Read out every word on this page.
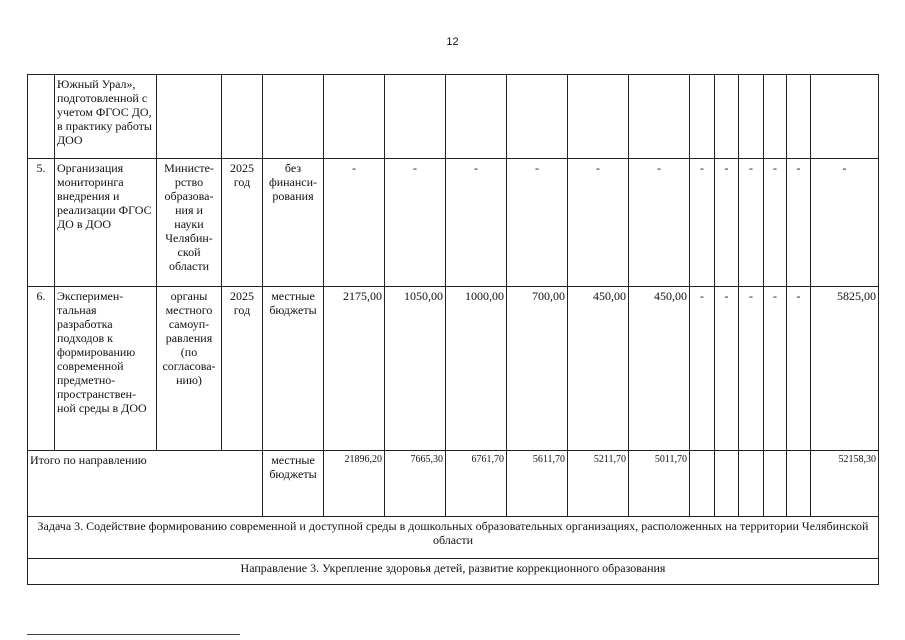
12
	Южный Урал», подготовленной с учетом ФГОС ДО, в практику работы ДОО															
5.	Организация мониторинга внедрения и реализации ФГОС ДО в ДОО	Министе-рство образова-ния и науки Челябин-ской области	2025 год	без финанси-рования	-	-	-	-	-	-	-	-	-	-	-	-
6.	Эксперимен-тальная разработка подходов к формированию современной предметно-пространствен-ной среды в ДОО	органы местного самоуп-равления (по согласова-нию)	2025 год	местные бюджеты	2175,00	1050,00	1000,00	700,00	450,00	450,00	-	-	-	-	-	5825,00
Итого по направлению				местные бюджеты	21896,20	7665,30	6761,70	5611,70	5211,70	5011,70						52158,30
Задача 3. Содействие формированию современной и доступной среды в дошкольных образовательных организациях, расположенных на территории Челябинской области																
Направление 3. Укрепление здоровья детей, развитие коррекционного образования																
